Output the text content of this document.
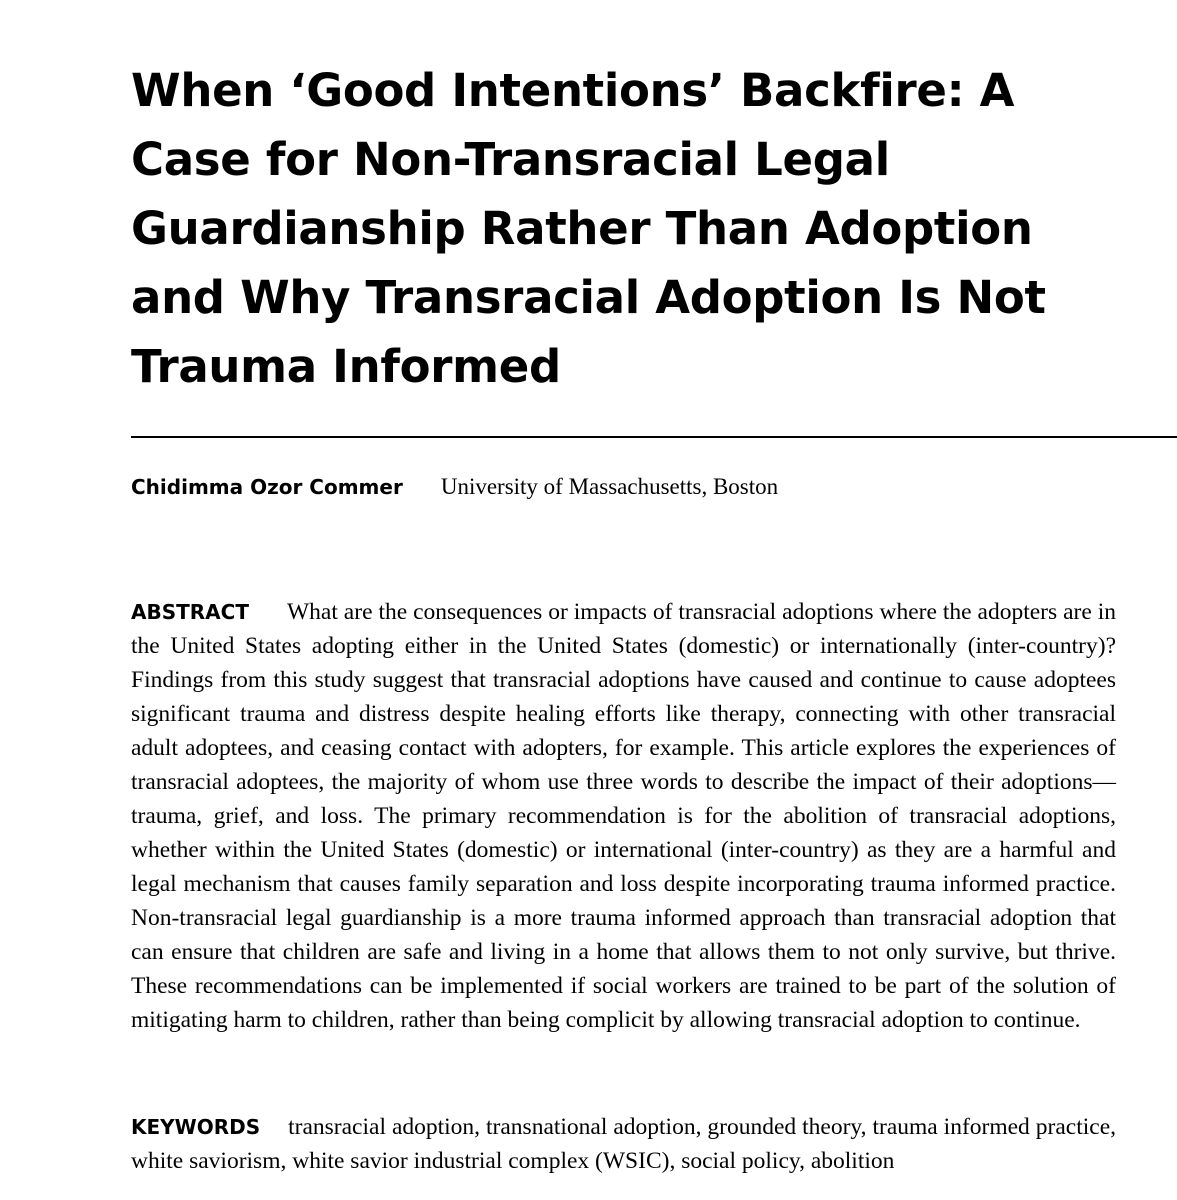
When ‘Good Intentions’ Backfire: A Case for Non-Transracial Legal Guardianship Rather Than Adoption and Why Transracial Adoption Is Not Trauma Informed
Chidimma Ozor Commer University of Massachusetts, Boston

ABSTRACT What are the consequences or impacts of transracial adoptions where the adopters are in the United States adopting either in the United States (domestic) or internationally (inter-country)? Findings from this study suggest that transracial adoptions have caused and continue to cause adoptees significant trauma and distress despite healing efforts like therapy, connecting with other transracial adult adoptees, and ceasing contact with adopters, for example. This article explores the experiences of transracial adoptees, the majority of whom use three words to describe the impact of their adoptions—trauma, grief, and loss. The primary recommendation is for the abolition of transracial adoptions, whether within the United States (domestic) or international (inter-country) as they are a harmful and legal mechanism that causes family separation and loss despite incorporating trauma informed practice. Non-transracial legal guardianship is a more trauma informed approach than transracial adoption that can ensure that children are safe and living in a home that allows them to not only survive, but thrive. These recommendations can be implemented if social workers are trained to be part of the solution of mitigating harm to children, rather than being complicit by allowing transracial adoption to continue.

KEYWORDS transracial adoption, transnational adoption, grounded theory, trauma informed practice, white saviorism, white savior industrial complex (WSIC), social policy, abolition
